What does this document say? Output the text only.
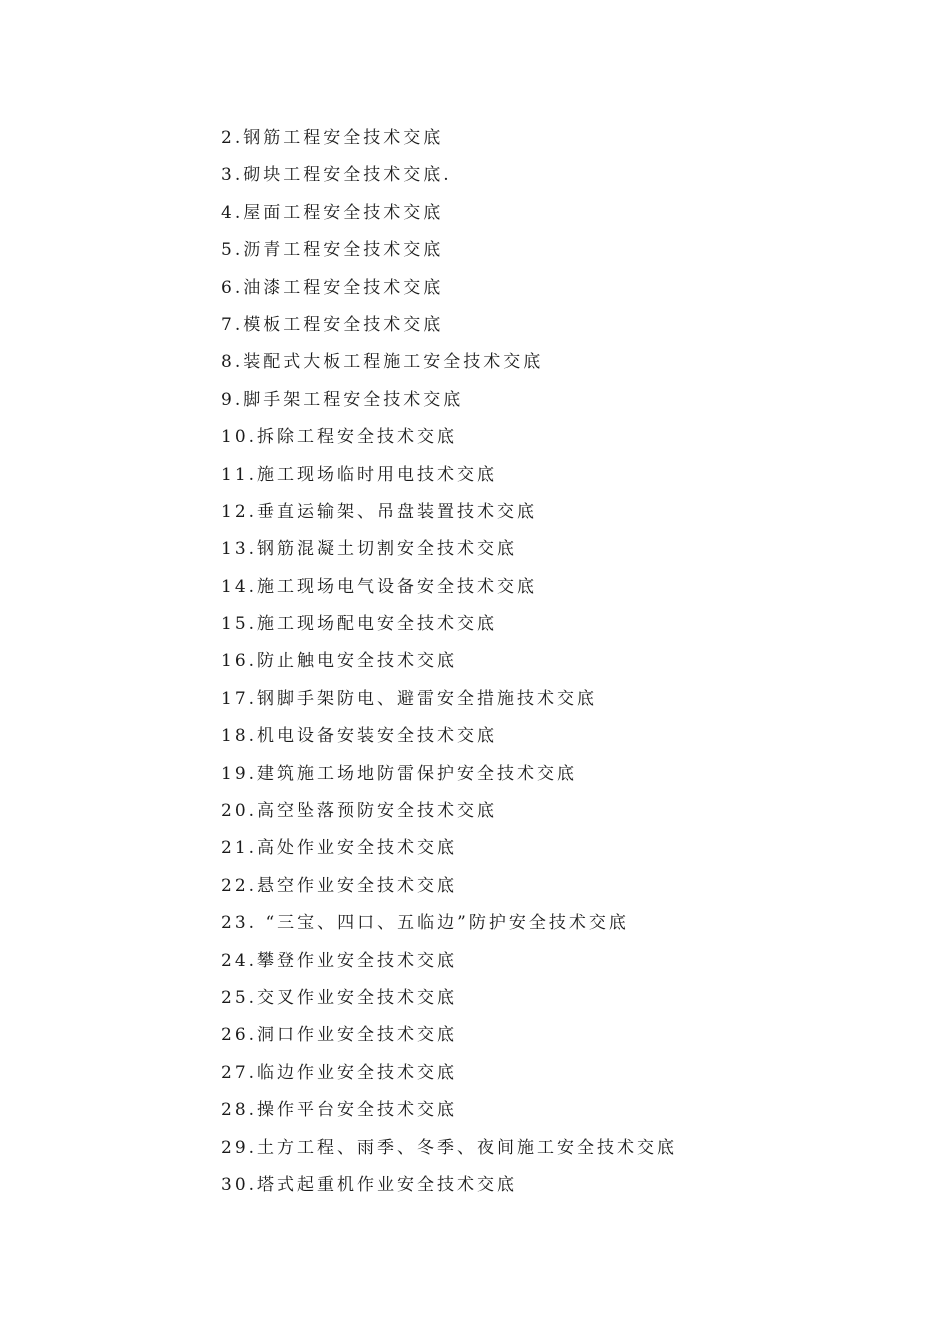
2.钢筋工程安全技术交底
3.砌块工程安全技术交底.
4.屋面工程安全技术交底
5.沥青工程安全技术交底
6.油漆工程安全技术交底
7.模板工程安全技术交底
8.装配式大板工程施工安全技术交底
9.脚手架工程安全技术交底
10.拆除工程安全技术交底
11.施工现场临时用电技术交底
12.垂直运输架、吊盘装置技术交底
13.钢筋混凝土切割安全技术交底
14.施工现场电气设备安全技术交底
15.施工现场配电安全技术交底
16.防止触电安全技术交底
17.钢脚手架防电、避雷安全措施技术交底
18.机电设备安装安全技术交底
19.建筑施工场地防雷保护安全技术交底
20.高空坠落预防安全技术交底
21.高处作业安全技术交底
22.悬空作业安全技术交底
23. “三宝、四口、五临边”防护安全技术交底
24.攀登作业安全技术交底
25.交叉作业安全技术交底
26.洞口作业安全技术交底
27.临边作业安全技术交底
28.操作平台安全技术交底
29.土方工程、雨季、冬季、夜间施工安全技术交底
30.塔式起重机作业安全技术交底
